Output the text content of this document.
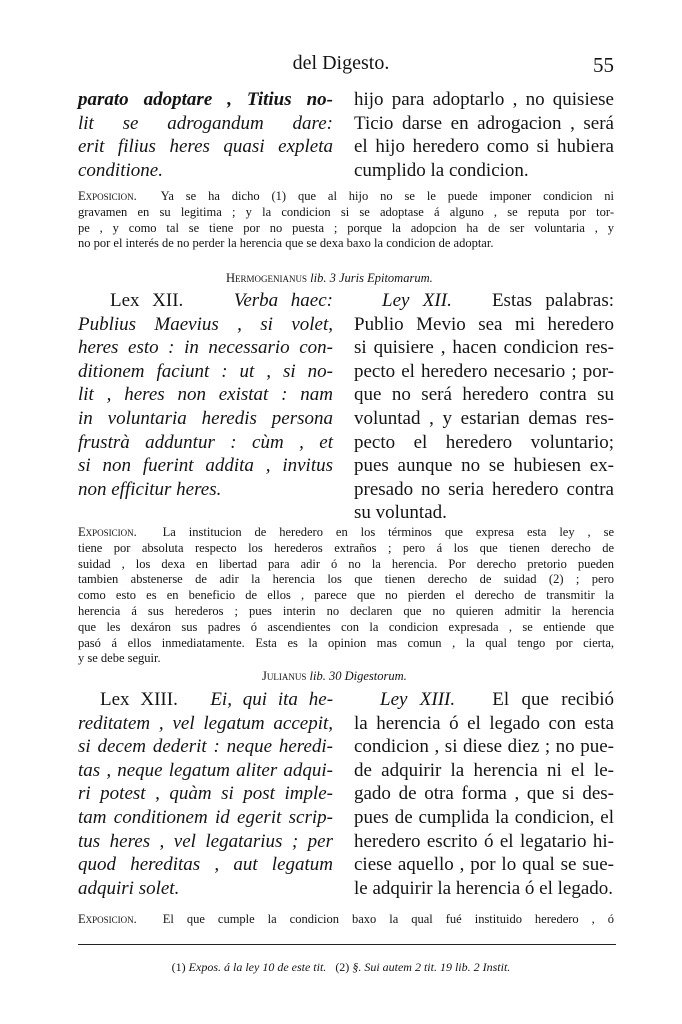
del Digesto.	55
parato adoptare , Titius no-
lit se adrogandum dare:
erit filius heres quasi expleta
conditione.
hijo para adoptarlo , no quisiese
Ticio darse en adrogacion , será
el hijo heredero como si hubiera
cumplido la condicion.
Exposicion. Ya se ha dicho (1) que al hijo no se le puede imponer condicion ni
gravamen en su legitima ; y la condicion si se adoptase á alguno , se reputa por tor-
pe , y como tal se tiene por no puesta ; porque la adopcion ha de ser voluntaria , y
no por el interés de no perder la herencia que se dexa baxo la condicion de adoptar.
Hermogenianus lib. 3 Juris Epitomarum.
Lex XII.	Verba haec:
Publius Maevius , si volet,
heres esto : in necessario con-
ditionem faciunt : ut , si no-
lit , heres non existat : nam
in voluntaria heredis persona
frustrà adduntur : cùm , et
si non fuerint addita , invitus
non efficitur heres.
Ley XII. Estas palabras:
Publio Mevio sea mi heredero
si quisiere , hacen condicion res-
pecto el heredero necesario ; por-
que no será heredero contra su
voluntad , y estarian demas res-
pecto el heredero voluntario;
pues aunque no se hubiesen ex-
presado no seria heredero contra
su voluntad.
Exposicion. La institucion de heredero en los términos que expresa esta ley , se
tiene por absoluta respecto los herederos extraños ; pero á los que tienen derecho de
suidad , los dexa en libertad para adir ó no la herencia. Por derecho pretorio pueden
tambien abstenerse de adir la herencia los que tienen derecho de suidad (2) ; pero
como esto es en beneficio de ellos , parece que no pierden el derecho de transmitir la
herencia á sus herederos ; pues interin no declaren que no quieren admitir la herencia
que les dexáron sus padres ó ascendientes con la condicion expresada , se entiende que
pasó á ellos inmediatamente. Esta es la opinion mas comun , la qual tengo por cierta,
y se debe seguir.
Julianus lib. 30 Digestorum.
Lex XIII. Ei, qui ita he-
reditatem , vel legatum accepit,
si decem dederit : neque heredi-
tas , neque legatum aliter adqui-
ri potest , quàm si post imple-
tam conditionem id egerit scrip-
tus heres , vel legatarius ; per
quod hereditas , aut legatum
adquiri solet.
Ley XIII. El que recibió
la herencia ó el legado con esta
condicion , si diese diez ; no pue-
de adquirir la herencia ni el le-
gado de otra forma , que si des-
pues de cumplida la condicion, el
heredero escrito ó el legatario hi-
ciese aquello , por lo qual se sue-
le adquirir la herencia ó el legado.
Exposicion. El que cumple la condicion baxo la qual fué instituido heredero , ó
(1) Expos. á la ley 10 de este tit. (2) §. Sui autem 2 tit. 19 lib. 2 Instit.
